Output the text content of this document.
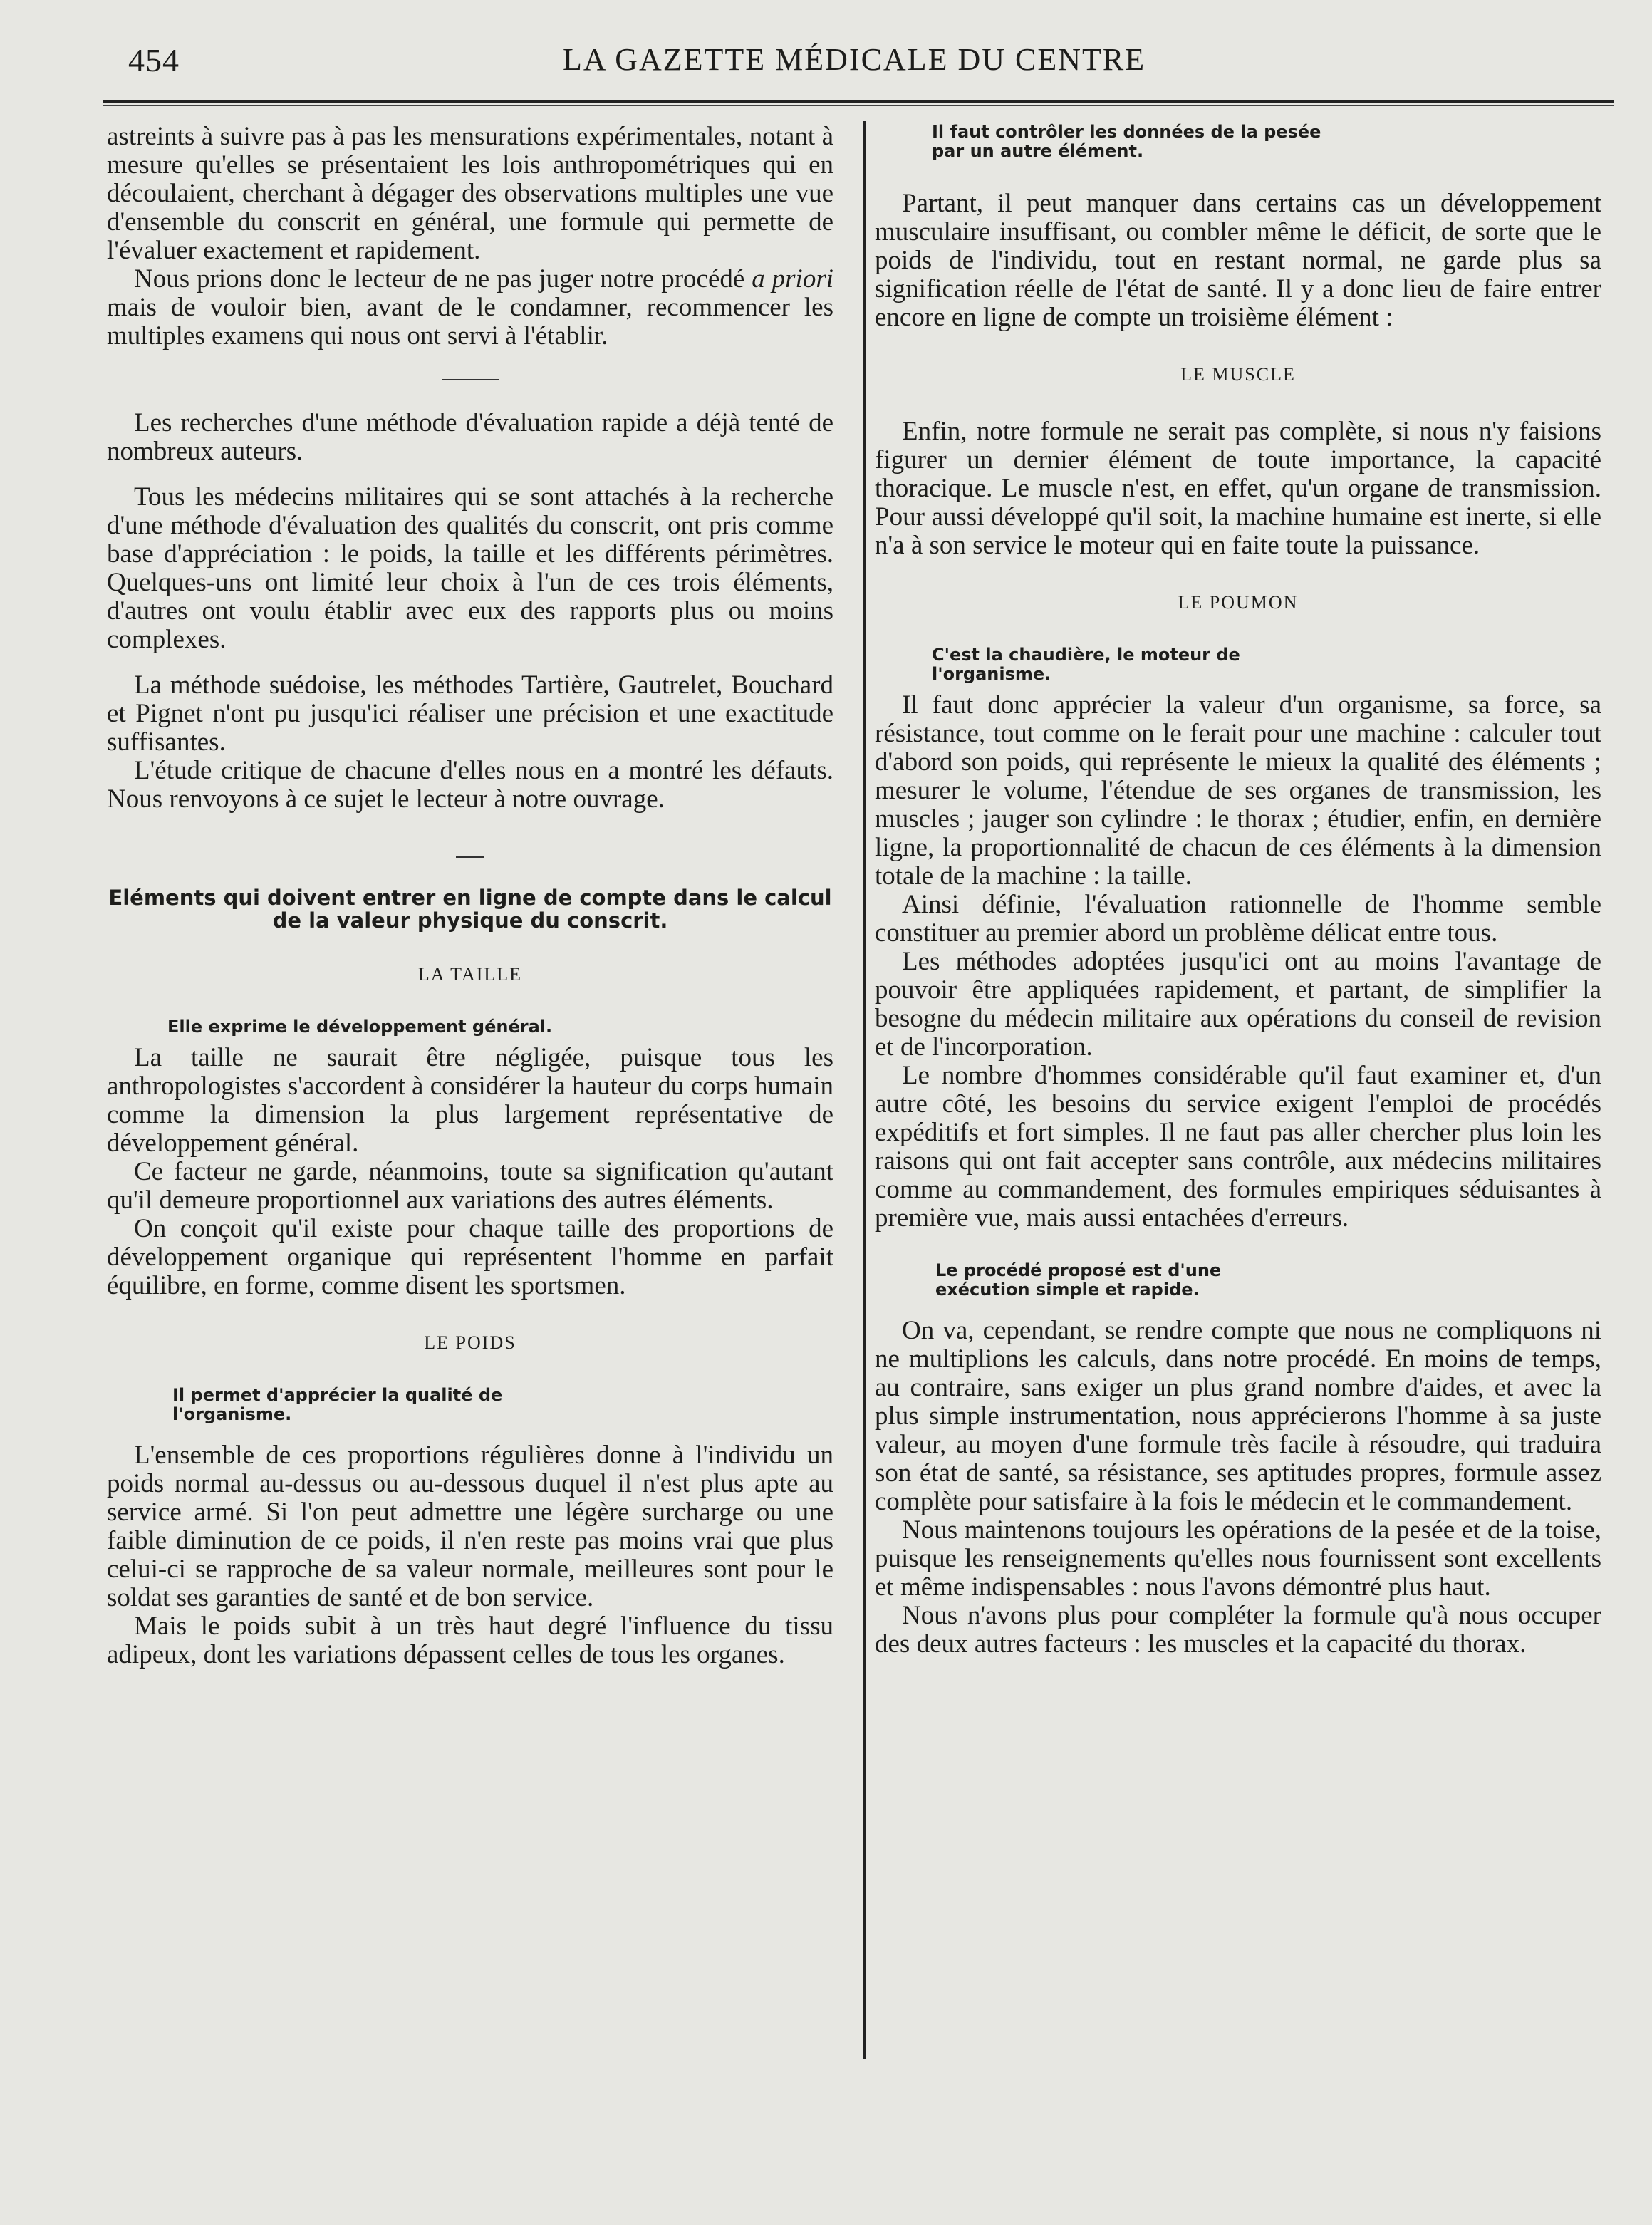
454	LA GAZETTE MÉDICALE DU CENTRE

astreints à suivre pas à pas les mensurations expérimentales, notant à mesure qu'elles se présentaient les lois anthropométriques qui en découlaient, cherchant à dégager des observations multiples une vue d'ensemble du conscrit en général, une formule qui permette de l'évaluer exactement et rapidement.

Nous prions donc le lecteur de ne pas juger notre procédé a priori mais de vouloir bien, avant de le condamner, recommencer les multiples examens qui nous ont servi à l'établir.

Les recherches d'une méthode d'évaluation rapide a déjà tenté de nombreux auteurs.

Tous les médecins militaires qui se sont attachés à la recherche d'une méthode d'évaluation des qualités du conscrit, ont pris comme base d'appréciation : le poids, la taille et les différents périmètres. Quelques-uns ont limité leur choix à l'un de ces trois éléments, d'autres ont voulu établir avec eux des rapports plus ou moins complexes.

La méthode suédoise, les méthodes Tartière, Gautrelet, Bouchard et Pignet n'ont pu jusqu'ici réaliser une précision et une exactitude suffisantes.

L'étude critique de chacune d'elles nous en a montré les défauts. Nous renvoyons à ce sujet le lecteur à notre ouvrage.

Eléments qui doivent entrer en ligne de compte dans le calcul de la valeur physique du conscrit.

LA TAILLE

Elle exprime le développement général.

La taille ne saurait être négligée, puisque tous les anthropologistes s'accordent à considérer la hauteur du corps humain comme la dimension la plus largement représentative de développement général.

Ce facteur ne garde, néanmoins, toute sa signification qu'autant qu'il demeure proportionnel aux variations des autres éléments.

On conçoit qu'il existe pour chaque taille des proportions de développement organique qui représentent l'homme en parfait équilibre, en forme, comme disent les sportsmen.

LE POIDS

Il permet d'apprécier la qualité de l'organisme.

L'ensemble de ces proportions régulières donne à l'individu un poids normal au-dessus ou au-dessous duquel il n'est plus apte au service armé. Si l'on peut admettre une légère surcharge ou une faible diminution de ce poids, il n'en reste pas moins vrai que plus celui-ci se rapproche de sa valeur normale, meilleures sont pour le soldat ses garanties de santé et de bon service.

Mais le poids subit à un très haut degré l'influence du tissu adipeux, dont les variations dépassent celles de tous les organes.

Il faut contrôler les données de la pesée par un autre élément.

Partant, il peut manquer dans certains cas un développement musculaire insuffisant, ou combler même le déficit, de sorte que le poids de l'individu, tout en restant normal, ne garde plus sa signification réelle de l'état de santé. Il y a donc lieu de faire entrer encore en ligne de compte un troisième élément :

LE MUSCLE

Enfin, notre formule ne serait pas complète, si nous n'y faisions figurer un dernier élément de toute importance, la capacité thoracique. Le muscle n'est, en effet, qu'un organe de transmission. Pour aussi développé qu'il soit, la machine humaine est inerte, si elle n'a à son service le moteur qui en faite toute la puissance.

LE POUMON

C'est la chaudière, le moteur de l'organisme.

Il faut donc apprécier la valeur d'un organisme, sa force, sa résistance, tout comme on le ferait pour une machine : calculer tout d'abord son poids, qui représente le mieux la qualité des éléments ; mesurer le volume, l'étendue de ses organes de transmission, les muscles ; jauger son cylindre : le thorax ; étudier, enfin, en dernière ligne, la proportionnalité de chacun de ces éléments à la dimension totale de la machine : la taille.

Ainsi définie, l'évaluation rationnelle de l'homme semble constituer au premier abord un problème délicat entre tous.

Les méthodes adoptées jusqu'ici ont au moins l'avantage de pouvoir être appliquées rapidement, et partant, de simplifier la besogne du médecin militaire aux opérations du conseil de revision et de l'incorporation.

Le nombre d'hommes considérable qu'il faut examiner et, d'un autre côté, les besoins du service exigent l'emploi de procédés expéditifs et fort simples. Il ne faut pas aller chercher plus loin les raisons qui ont fait accepter sans contrôle, aux médecins militaires comme au commandement, des formules empiriques séduisantes à première vue, mais aussi entachées d'erreurs.

Le procédé proposé est d'une exécution simple et rapide.

On va, cependant, se rendre compte que nous ne compliquons ni ne multiplions les calculs, dans notre procédé. En moins de temps, au contraire, sans exiger un plus grand nombre d'aides, et avec la plus simple instrumentation, nous apprécierons l'homme à sa juste valeur, au moyen d'une formule très facile à résoudre, qui traduira son état de santé, sa résistance, ses aptitudes propres, formule assez complète pour satisfaire à la fois le médecin et le commandement.

Nous maintenons toujours les opérations de la pesée et de la toise, puisque les renseignements qu'elles nous fournissent sont excellents et même indispensables : nous l'avons démontré plus haut.

Nous n'avons plus pour compléter la formule qu'à nous occuper des deux autres facteurs : les muscles et la capacité du thorax.
